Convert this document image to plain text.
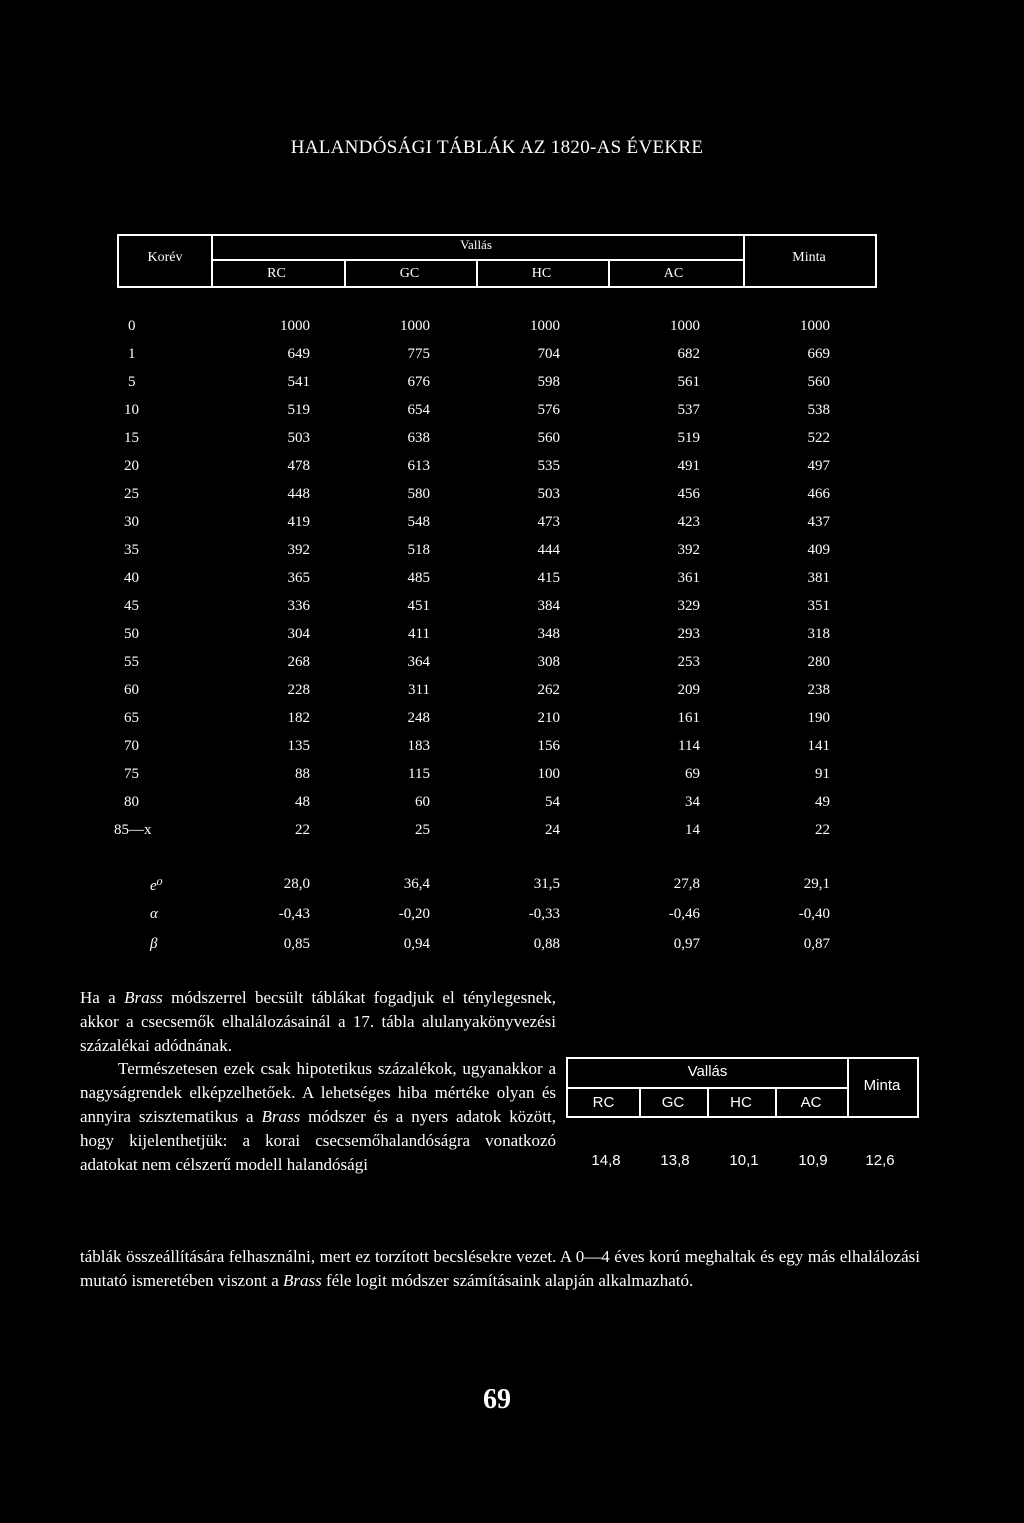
HALANDÓSÁGI TÁBLÁK AZ 1820-AS ÉVEKRE
Korév
Vallás
Minta
RC	GC	HC	AC
0	1000	1000	1000	1000	1000
1	649	775	704	682	669
5	541	676	598	561	560
10	519	654	576	537	538
15	503	638	560	519	522
20	478	613	535	491	497
25	448	580	503	456	466
30	419	548	473	423	437
35	392	518	444	392	409
40	365	485	415	361	381
45	336	451	384	329	351
50	304	411	348	293	318
55	268	364	308	253	280
60	228	311	262	209	238
65	182	248	210	161	190
70	135	183	156	114	141
75	88	115	100	69	91
80	48	60	54	34	49
85—x	22	25	24	14	22
e⁰	28,0	36,4	31,5	27,8	29,1
α	-0,43	-0,20	-0,33	-0,46	-0,40
β	0,85	0,94	0,88	0,97	0,87
Ha a Brass módszerrel becsült táblákat fogadjuk el ténylegesnek, akkor a csecsemők elhalálozásainál a 17. tábla alulanyakönyvezési százalékai adódnának.
Természetesen ezek csak hipotetikus százalékok, ugyanakkor a nagyságrendek elképzelhetőek. A lehetséges hiba mértéke olyan és annyira szisztematikus a Brass módszer és a nyers adatok között, hogy kijelenthetjük: a korai csecsemőhalandóságra vonatkozó adatokat nem célszerű modell halandósági
táblák összeállítására felhasználni, mert ez torzított becslésekre vezet. A 0—4 éves korú meghaltak és egy más elhalálozási mutató ismeretében viszont a Brass féle logit módszer számításaink alapján alkalmazható.
Vallás
Minta
RC	GC	HC	AC
14,8	13,8	10,1	10,9	12,6
69
